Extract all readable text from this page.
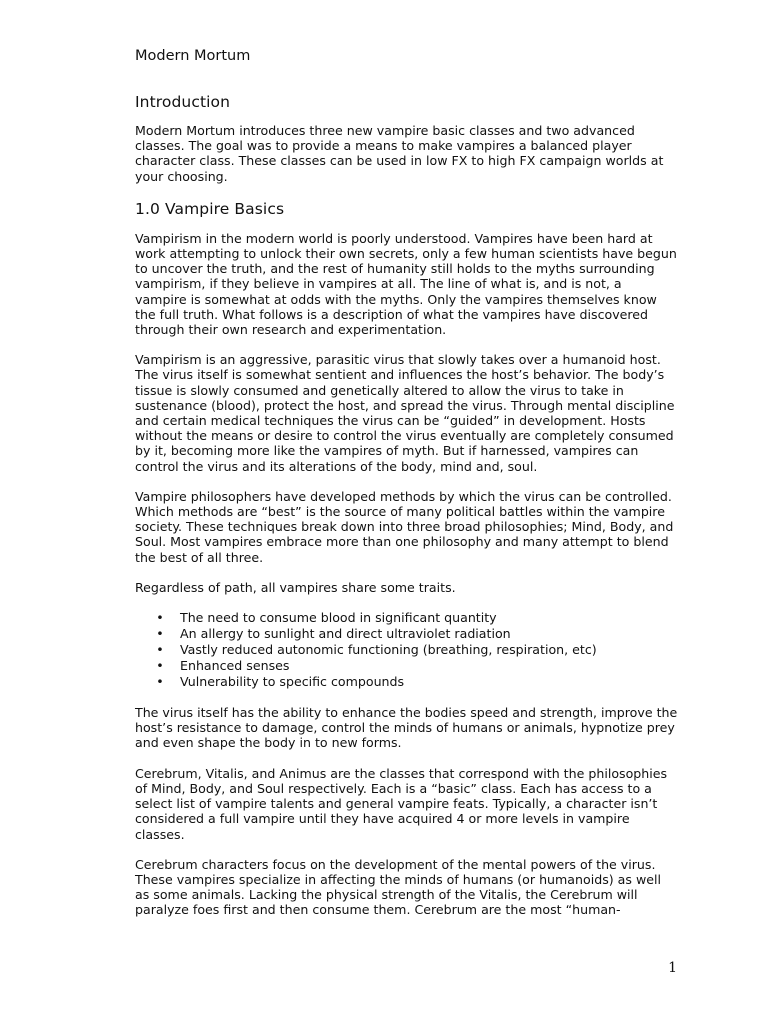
Modern Mortum
Introduction

Modern Mortum introduces three new vampire basic classes and two advanced
classes. The goal was to provide a means to make vampires a balanced player
character class. These classes can be used in low FX to high FX campaign worlds at
your choosing.

1.0 Vampire Basics

Vampirism in the modern world is poorly understood. Vampires have been hard at
work attempting to unlock their own secrets, only a few human scientists have begun
to uncover the truth, and the rest of humanity still holds to the myths surrounding
vampirism, if they believe in vampires at all. The line of what is, and is not, a
vampire is somewhat at odds with the myths. Only the vampires themselves know
the full truth. What follows is a description of what the vampires have discovered
through their own research and experimentation.

Vampirism is an aggressive, parasitic virus that slowly takes over a humanoid host.
The virus itself is somewhat sentient and influences the host’s behavior. The body’s
tissue is slowly consumed and genetically altered to allow the virus to take in
sustenance (blood), protect the host, and spread the virus. Through mental discipline
and certain medical techniques the virus can be “guided” in development. Hosts
without the means or desire to control the virus eventually are completely consumed
by it, becoming more like the vampires of myth. But if harnessed, vampires can
control the virus and its alterations of the body, mind and, soul.

Vampire philosophers have developed methods by which the virus can be controlled.
Which methods are “best” is the source of many political battles within the vampire
society. These techniques break down into three broad philosophies; Mind, Body, and
Soul. Most vampires embrace more than one philosophy and many attempt to blend
the best of all three.

Regardless of path, all vampires share some traits.

• The need to consume blood in significant quantity
• An allergy to sunlight and direct ultraviolet radiation
• Vastly reduced autonomic functioning (breathing, respiration, etc)
• Enhanced senses
• Vulnerability to specific compounds

The virus itself has the ability to enhance the bodies speed and strength, improve the
host’s resistance to damage, control the minds of humans or animals, hypnotize prey
and even shape the body in to new forms.

Cerebrum, Vitalis, and Animus are the classes that correspond with the philosophies
of Mind, Body, and Soul respectively. Each is a “basic” class. Each has access to a
select list of vampire talents and general vampire feats. Typically, a character isn’t
considered a full vampire until they have acquired 4 or more levels in vampire
classes.

Cerebrum characters focus on the development of the mental powers of the virus.
These vampires specialize in affecting the minds of humans (or humanoids) as well
as some animals. Lacking the physical strength of the Vitalis, the Cerebrum will
paralyze foes first and then consume them. Cerebrum are the most “human-

1
